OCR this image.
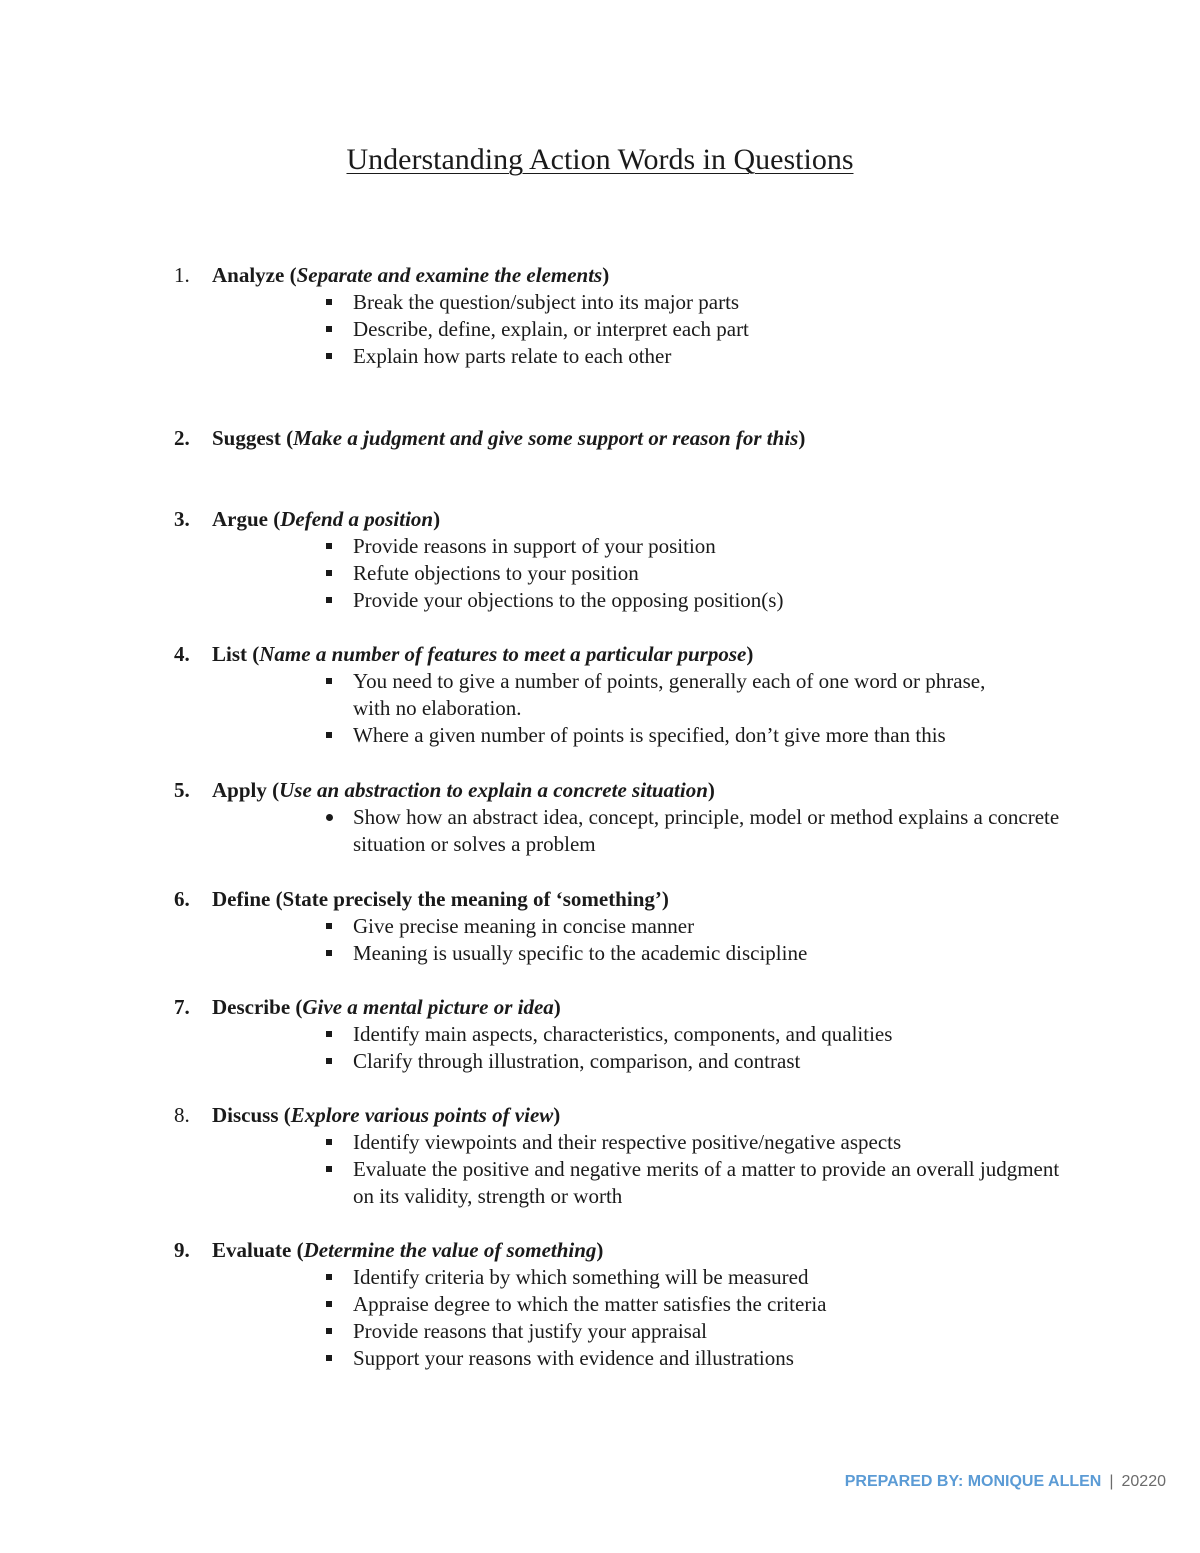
Understanding Action Words in Questions
1. Analyze (Separate and examine the elements)
Break the question/subject into its major parts
Describe, define, explain, or interpret each part
Explain how parts relate to each other
2. Suggest (Make a judgment and give some support or reason for this)
3. Argue (Defend a position)
Provide reasons in support of your position
Refute objections to your position
Provide your objections to the opposing position(s)
4. List (Name a number of features to meet a particular purpose)
You need to give a number of points, generally each of one word or phrase, with no elaboration.
Where a given number of points is specified, don’t give more than this
5. Apply (Use an abstraction to explain a concrete situation)
Show how an abstract idea, concept, principle, model or method explains a concrete situation or solves a problem
6. Define (State precisely the meaning of ‘something’)
Give precise meaning in concise manner
Meaning is usually specific to the academic discipline
7. Describe (Give a mental picture or idea)
Identify main aspects, characteristics, components, and qualities
Clarify through illustration, comparison, and contrast
8. Discuss (Explore various points of view)
Identify viewpoints and their respective positive/negative aspects
Evaluate the positive and negative merits of a matter to provide an overall judgment on its validity, strength or worth
9. Evaluate (Determine the value of something)
Identify criteria by which something will be measured
Appraise degree to which the matter satisfies the criteria
Provide reasons that justify your appraisal
Support your reasons with evidence and illustrations
PREPARED BY: MONIQUE ALLEN | 20220
